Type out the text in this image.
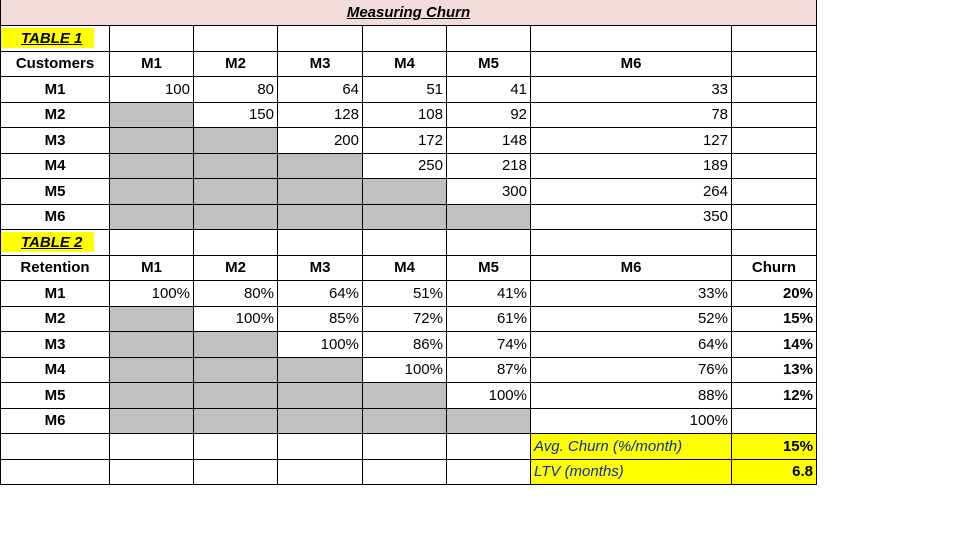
Measuring Churn							
TABLE 1							
Customers	M1	M2	M3	M4	M5	M6	
M1	100	80	64	51	41	33	
M2		150	128	108	92	78	
M3			200	172	148	127	
M4				250	218	189	
M5					300	264	
M6						350	
TABLE 2							
Retention	M1	M2	M3	M4	M5	M6	Churn
M1	100%	80%	64%	51%	41%	33%	20%
M2		100%	85%	72%	61%	52%	15%
M3			100%	86%	74%	64%	14%
M4				100%	87%	76%	13%
M5					100%	88%	12%
M6						100%	
						Avg. Churn (%/month)	15%
						LTV (months)	6.8
